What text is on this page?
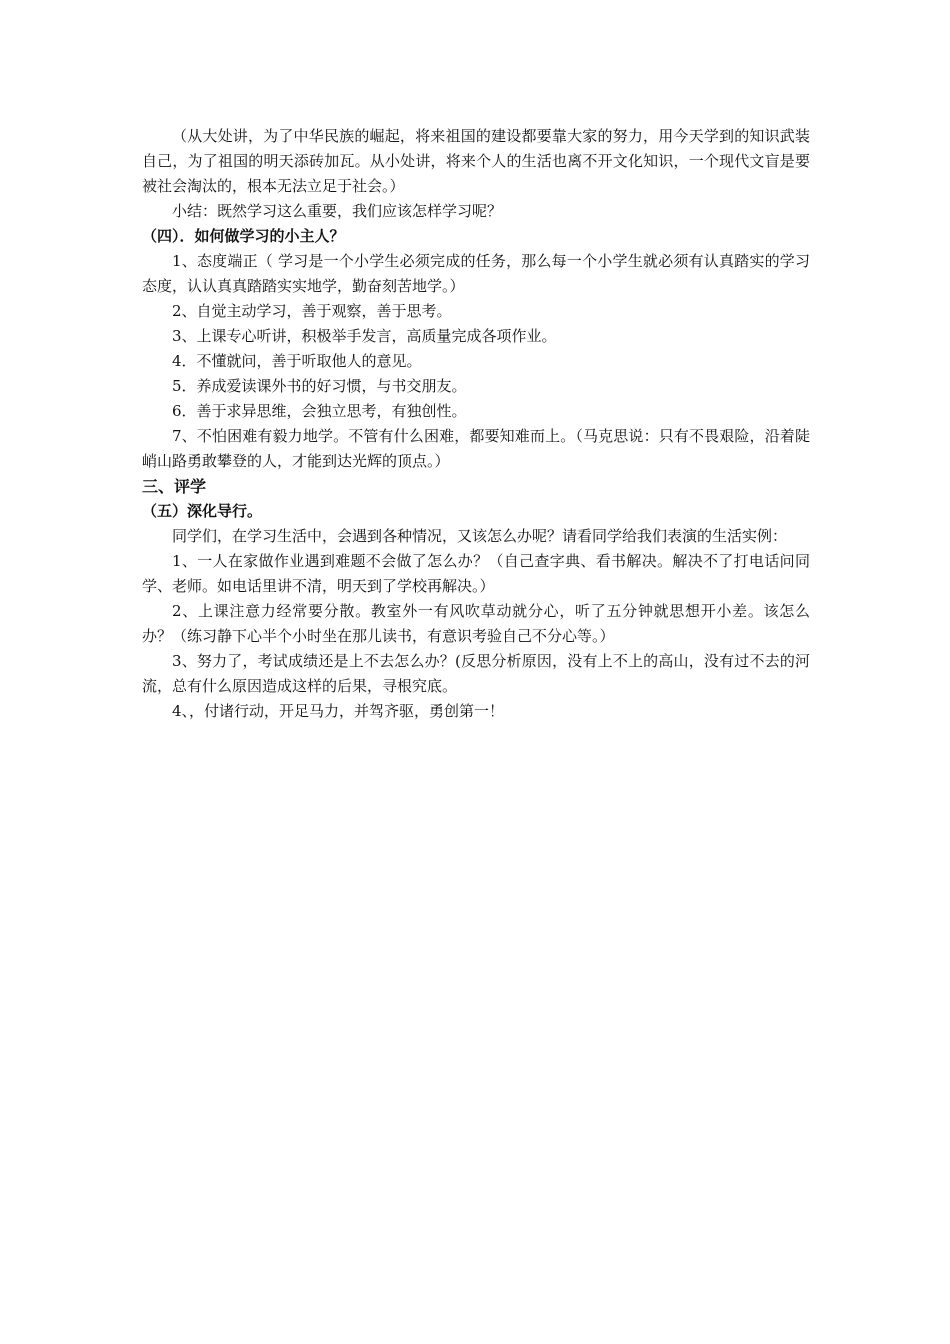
（从大处讲，为了中华民族的崛起，将来祖国的建设都要靠大家的努力，用今天学到的知识武装自己，为了祖国的明天添砖加瓦。从小处讲，将来个人的生活也离不开文化知识，一个现代文盲是要被社会淘汰的，根本无法立足于社会。）

小结：既然学习这么重要，我们应该怎样学习呢？

（四）．如何做学习的小主人？

1、态度端正（ 学习是一个小学生必须完成的任务，那么每一个小学生就必须有认真踏实的学习态度，认认真真踏踏实实地学，勤奋刻苦地学。）

2、自觉主动学习，善于观察，善于思考。

3、上课专心听讲，积极举手发言，高质量完成各项作业。

4．不懂就问，善于听取他人的意见。

5．养成爱读课外书的好习惯，与书交朋友。

6．善于求异思维，会独立思考，有独创性。

7、不怕困难有毅力地学。不管有什么困难，都要知难而上。（马克思说：只有不畏艰险，沿着陡峭山路勇敢攀登的人，才能到达光辉的顶点。）

三、评学

（五）深化导行。

同学们，在学习生活中，会遇到各种情况，又该怎么办呢？请看同学给我们表演的生活实例：

1、一人在家做作业遇到难题不会做了怎么办？（自己查字典、看书解决。解决不了打电话问同学、老师。如电话里讲不清，明天到了学校再解决。）

2、上课注意力经常要分散。教室外一有风吹草动就分心，听了五分钟就思想开小差。该怎么办？（练习静下心半个小时坐在那儿读书，有意识考验自己不分心等。）

3、努力了，考试成绩还是上不去怎么办？(反思分析原因，没有上不上的高山，没有过不去的河流，总有什么原因造成这样的后果，寻根究底。

4、，付诸行动，开足马力，并驾齐驱，勇创第一！
